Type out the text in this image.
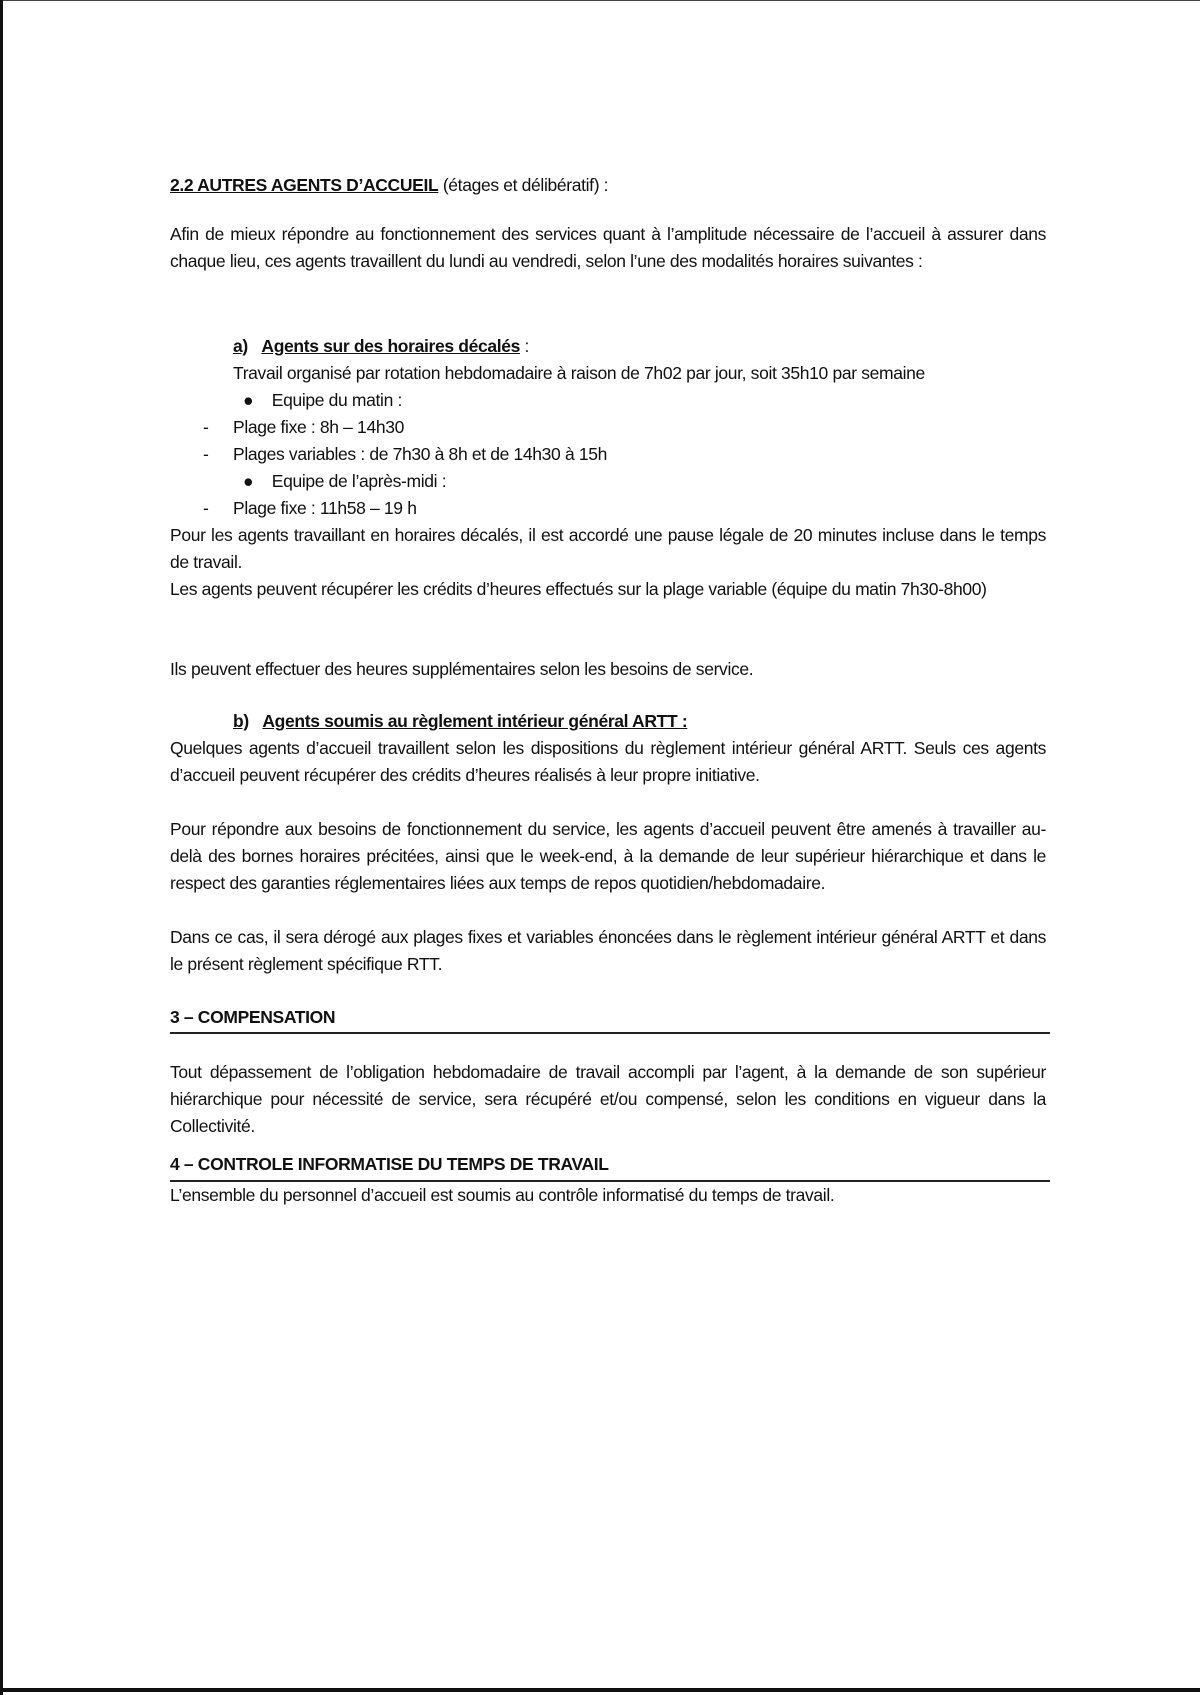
2.2 AUTRES AGENTS D’ACCUEIL (étages et délibératif) :
Afin de mieux répondre au fonctionnement des services quant à l’amplitude nécessaire de l’accueil à assurer dans chaque lieu, ces agents travaillent du lundi au vendredi, selon l’une des modalités horaires suivantes :
a) Agents sur des horaires décalés :
Travail organisé par rotation hebdomadaire à raison de 7h02 par jour, soit 35h10 par semaine
● Equipe du matin :
- Plage fixe : 8h – 14h30
- Plages variables : de 7h30 à 8h et de 14h30 à 15h
● Equipe de l’après-midi :
- Plage fixe : 11h58 – 19 h
Pour les agents travaillant en horaires décalés, il est accordé une pause légale de 20 minutes incluse dans le temps de travail.
Les agents peuvent récupérer les crédits d’heures effectués sur la plage variable (équipe du matin 7h30-8h00)
Ils peuvent effectuer des heures supplémentaires selon les besoins de service.
b) Agents soumis au règlement intérieur général ARTT :
Quelques agents d’accueil travaillent selon les dispositions du règlement intérieur général ARTT. Seuls ces agents d’accueil peuvent récupérer des crédits d’heures réalisés à leur propre initiative.
Pour répondre aux besoins de fonctionnement du service, les agents d’accueil peuvent être amenés à travailler au-delà des bornes horaires précitées, ainsi que le week-end, à la demande de leur supérieur hiérarchique et dans le respect des garanties réglementaires liées aux temps de repos quotidien/hebdomadaire.
Dans ce cas, il sera dérogé aux plages fixes et variables énoncées dans le règlement intérieur général ARTT et dans le présent règlement spécifique RTT.
3 – COMPENSATION
Tout dépassement de l’obligation hebdomadaire de travail accompli par l’agent, à la demande de son supérieur hiérarchique pour nécessité de service, sera récupéré et/ou compensé, selon les conditions en vigueur dans la Collectivité.
4 – CONTROLE INFORMATISE DU TEMPS DE TRAVAIL
L’ensemble du personnel d’accueil est soumis au contrôle informatisé du temps de travail.
